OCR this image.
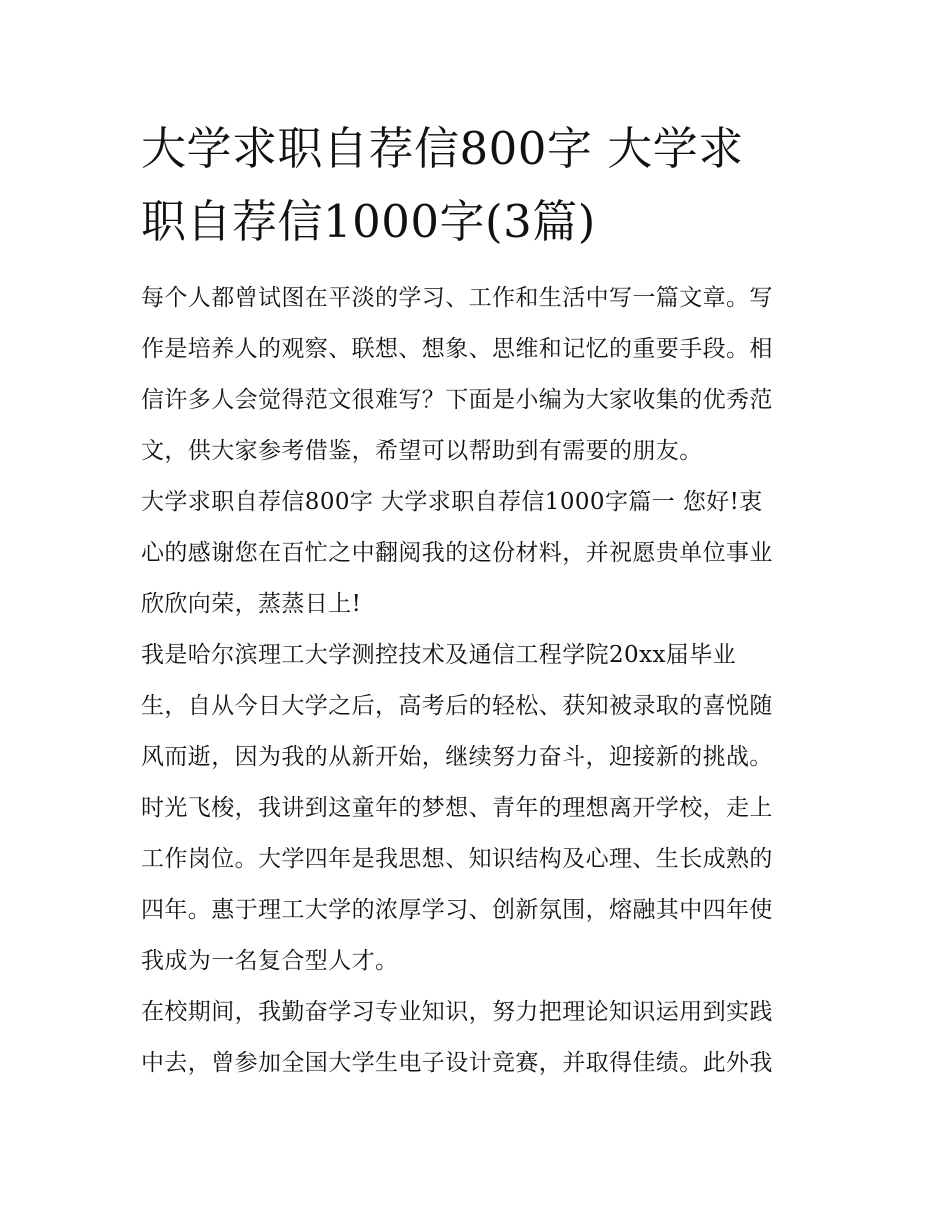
大学求职自荐信800字 大学求
职自荐信1000字(3篇)
每个人都曾试图在平淡的学习、工作和生活中写一篇文章。写
作是培养人的观察、联想、想象、思维和记忆的重要手段。相
信许多人会觉得范文很难写？下面是小编为大家收集的优秀范
文，供大家参考借鉴，希望可以帮助到有需要的朋友。
大学求职自荐信800字 大学求职自荐信1000字篇一 您好!衷
心的感谢您在百忙之中翻阅我的这份材料，并祝愿贵单位事业
欣欣向荣，蒸蒸日上!
我是哈尔滨理工大学测控技术及通信工程学院20xx届毕业
生，自从今日大学之后，高考后的轻松、获知被录取的喜悦随
风而逝，因为我的从新开始，继续努力奋斗，迎接新的挑战。
时光飞梭，我讲到这童年的梦想、青年的理想离开学校，走上
工作岗位。大学四年是我思想、知识结构及心理、生长成熟的
四年。惠于理工大学的浓厚学习、创新氛围，熔融其中四年使
我成为一名复合型人才。
在校期间，我勤奋学习专业知识，努力把理论知识运用到实践
中去，曾参加全国大学生电子设计竞赛，并取得佳绩。此外我
